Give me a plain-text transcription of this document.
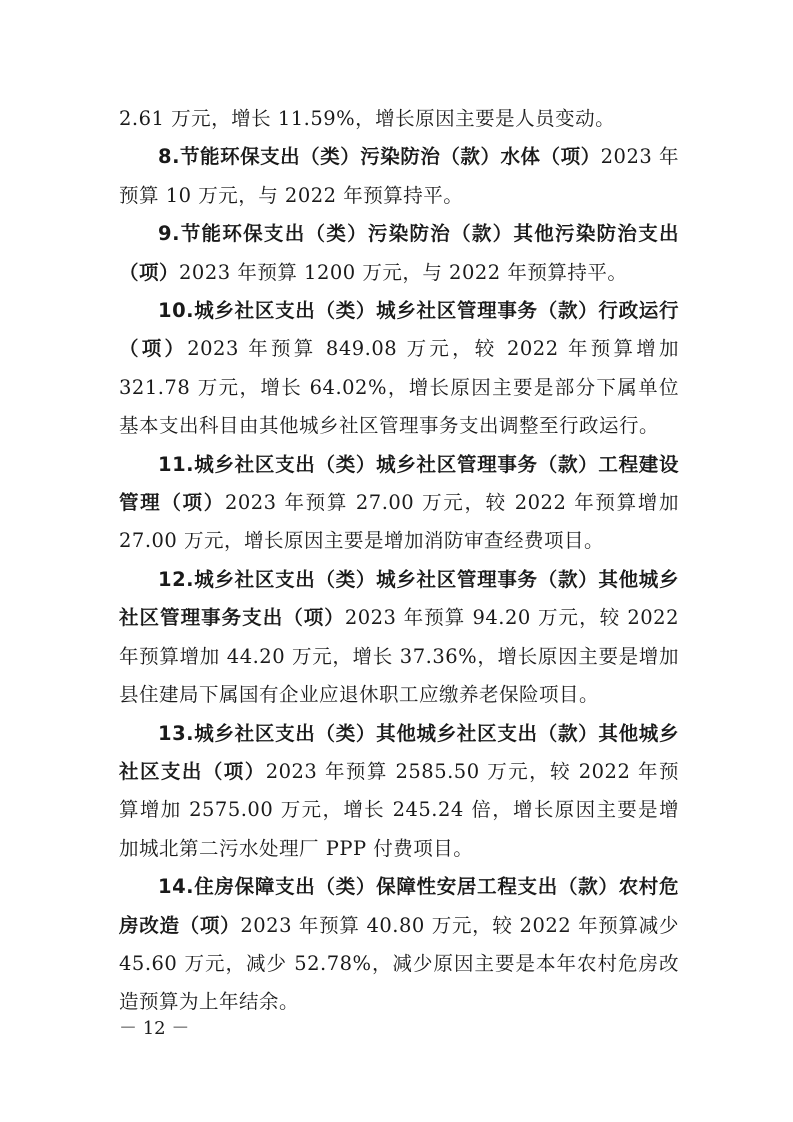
2.61 万元，增长 11.59%，增长原因主要是人员变动。

8.节能环保支出（类）污染防治（款）水体（项）2023 年预算 10 万元，与 2022 年预算持平。

9.节能环保支出（类）污染防治（款）其他污染防治支出（项）2023 年预算 1200 万元，与 2022 年预算持平。

10.城乡社区支出（类）城乡社区管理事务（款）行政运行（项）2023 年预算 849.08 万元，较 2022 年预算增加 321.78 万元，增长 64.02%，增长原因主要是部分下属单位基本支出科目由其他城乡社区管理事务支出调整至行政运行。

11.城乡社区支出（类）城乡社区管理事务（款）工程建设管理（项）2023 年预算 27.00 万元，较 2022 年预算增加 27.00 万元，增长原因主要是增加消防审查经费项目。

12.城乡社区支出（类）城乡社区管理事务（款）其他城乡社区管理事务支出（项）2023 年预算 94.20 万元，较 2022 年预算增加 44.20 万元，增长 37.36%，增长原因主要是增加县住建局下属国有企业应退休职工应缴养老保险项目。

13.城乡社区支出（类）其他城乡社区支出（款）其他城乡社区支出（项）2023 年预算 2585.50 万元，较 2022 年预算增加 2575.00 万元，增长 245.24 倍，增长原因主要是增加城北第二污水处理厂 PPP 付费项目。

14.住房保障支出（类）保障性安居工程支出（款）农村危房改造（项）2023 年预算 40.80 万元，较 2022 年预算减少 45.60 万元，减少 52.78%，减少原因主要是本年农村危房改造预算为上年结余。

－ 12 －
